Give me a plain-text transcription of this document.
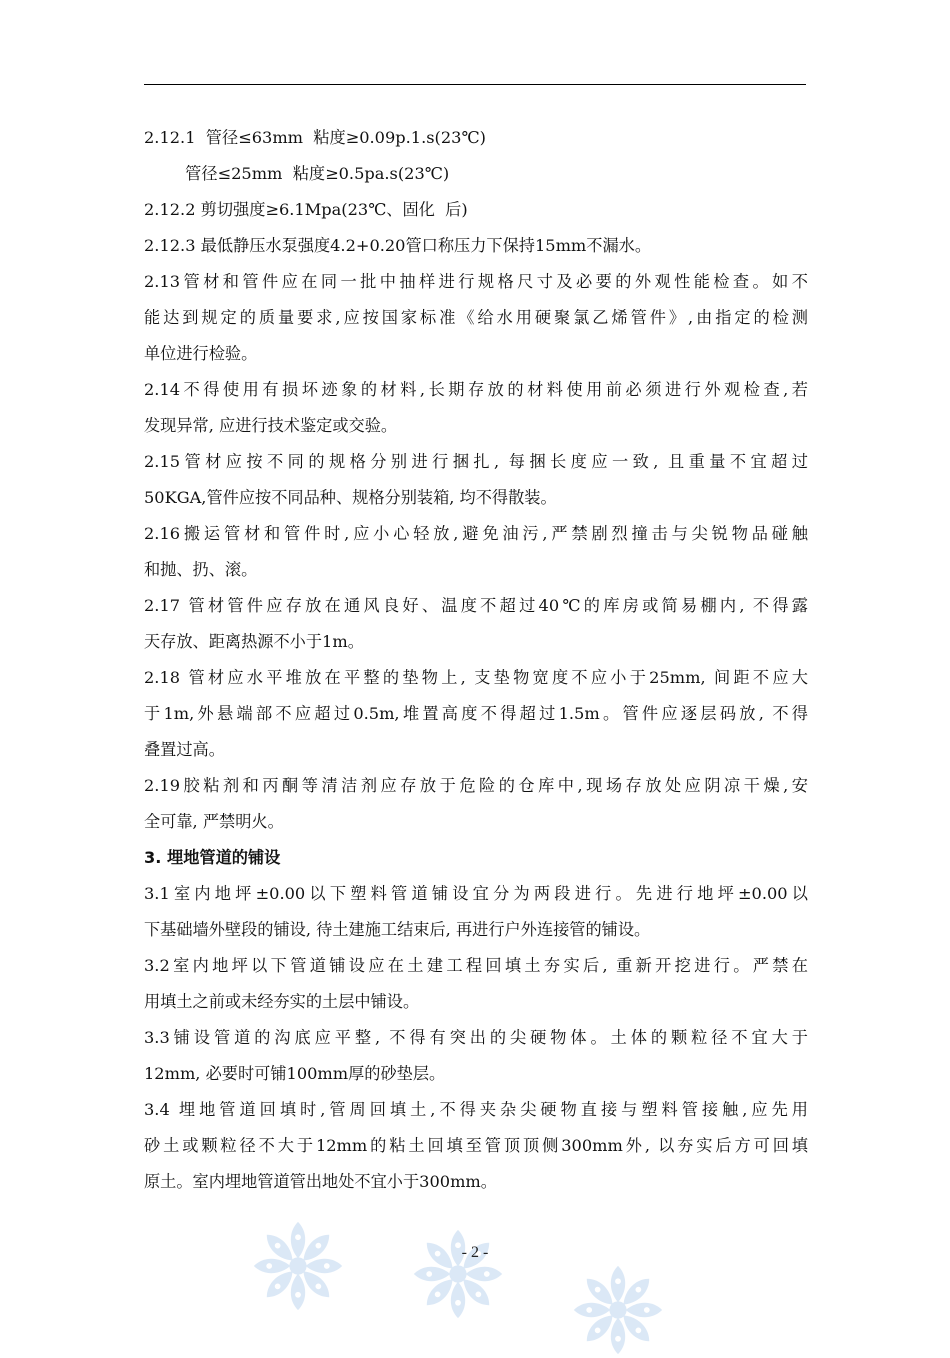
2.12.1  管径≤63mm  粘度≥0.09p.1.s(23℃)
管径≤25mm  粘度≥0.5pa.s(23℃)
2.12.2 剪切强度≥6.1Mpa(23℃、固化  后)
2.12.3 最低静压水泵强度4.2+0.20管口称压力下保持15mm不漏水。
2.13管材和管件应在同一批中抽样进行规格尺寸及必要的外观性能检查。如不
能达到规定的质量要求,应按国家标准《给水用硬聚氯乙烯管件》,由指定的检测
单位进行检验。
2.14不得使用有损坏迹象的材料,长期存放的材料使用前必须进行外观检查,若
发现异常, 应进行技术鉴定或交验。
2.15管材应按不同的规格分别进行捆扎, 每捆长度应一致, 且重量不宜超过
50KGA,管件应按不同品种、规格分别装箱, 均不得散装。
2.16搬运管材和管件时,应小心轻放,避免油污,严禁剧烈撞击与尖锐物品碰触
和抛、扔、滚。
2.17 管材管件应存放在通风良好、温度不超过40℃的库房或简易棚内, 不得露
天存放、距离热源不小于1m。
2.18 管材应水平堆放在平整的垫物上, 支垫物宽度不应小于25mm, 间距不应大
于1m,外悬端部不应超过0.5m,堆置高度不得超过1.5m。管件应逐层码放, 不得
叠置过高。
2.19胶粘剂和丙酮等清洁剂应存放于危险的仓库中,现场存放处应阴凉干燥,安
全可靠, 严禁明火。
3. 埋地管道的铺设
3.1室内地坪±0.00以下塑料管道铺设宜分为两段进行。先进行地坪±0.00以
下基础墙外壁段的铺设, 待土建施工结束后, 再进行户外连接管的铺设。
3.2室内地坪以下管道铺设应在土建工程回填土夯实后, 重新开挖进行。严禁在
用填土之前或未经夯实的土层中铺设。
3.3铺设管道的沟底应平整, 不得有突出的尖硬物体。土体的颗粒径不宜大于
12mm, 必要时可铺100mm厚的砂垫层。
3.4 埋地管道回填时,管周回填土,不得夹杂尖硬物直接与塑料管接触,应先用
砂土或颗粒径不大于12mm的粘土回填至管顶顶侧300mm外, 以夯实后方可回填
原土。室内埋地管道管出地处不宜小于300mm。
- 2 -
